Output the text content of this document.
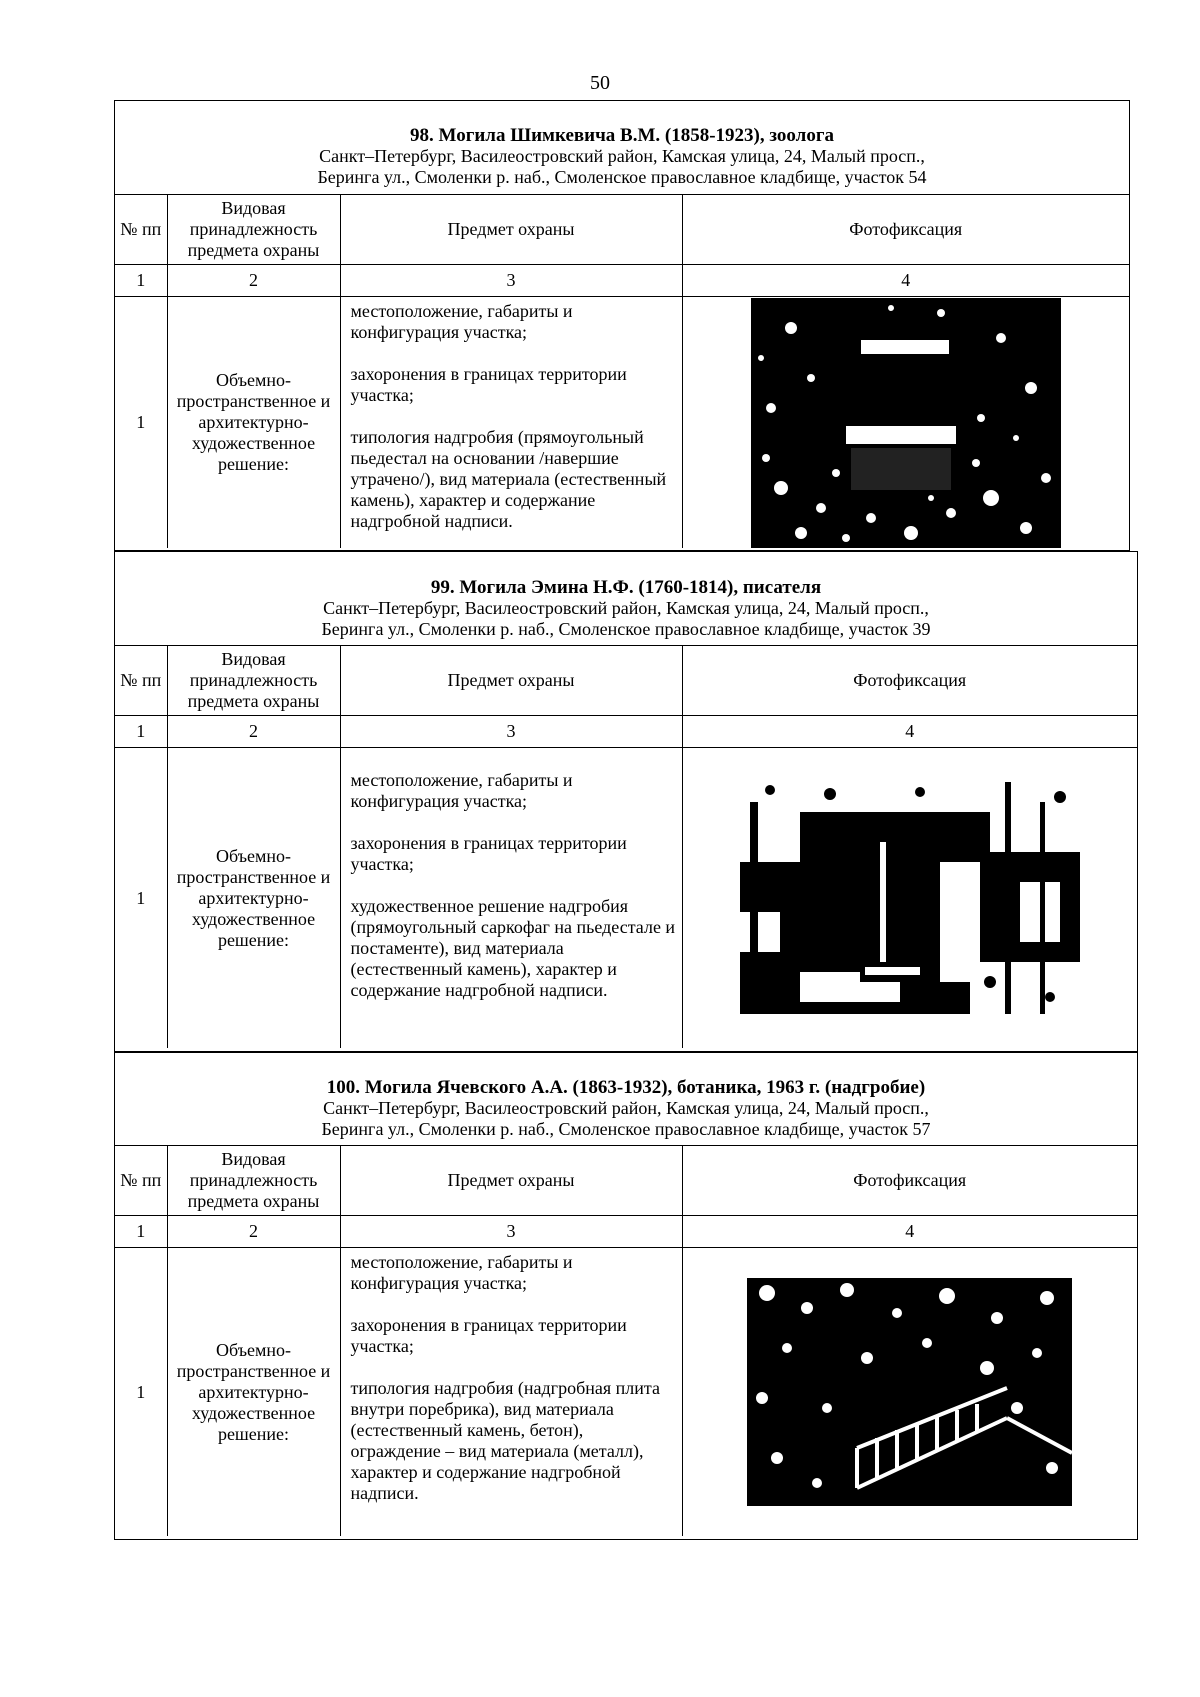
50
98. Могила Шимкевича В.М. (1858-1923), зоолога
Санкт–Петербург, Василеостровский район, Камская улица, 24, Малый просп.,
Беринга ул., Смоленки р. наб., Смоленское православное кладбище, участок 54
№ пп	Видовая принадлежность предмета охраны	Предмет охраны	Фотофиксация
1	2	3	4
1	Объемно-пространственное и архитектурно-художественное решение:	местоположение, габариты и конфигурация участка;

захоронения в границах территории участка;

типология надгробия (прямоугольный пьедестал на основании /навершие утрачено/), вид материала (естественный камень), характер и содержание надгробной надписи.

99. Могила Эмина Н.Ф. (1760-1814), писателя
Санкт–Петербург, Василеостровский район, Камская улица, 24, Малый просп.,
Беринга ул., Смоленки р. наб., Смоленское православное кладбище, участок 39
№ пп	Видовая принадлежность предмета охраны	Предмет охраны	Фотофиксация
1	2	3	4
1	Объемно-пространственное и архитектурно-художественное решение:	местоположение, габариты и конфигурация участка;

захоронения в границах территории участка;

художественное решение надгробия (прямоугольный саркофаг на пьедестале и постаменте), вид материала (естественный камень), характер и содержание надгробной надписи.

100. Могила Ячевского А.А. (1863-1932), ботаника, 1963 г. (надгробие)
Санкт–Петербург, Василеостровский район, Камская улица, 24, Малый просп.,
Беринга ул., Смоленки р. наб., Смоленское православное кладбище, участок 57
№ пп	Видовая принадлежность предмета охраны	Предмет охраны	Фотофиксация
1	2	3	4
1	Объемно-пространственное и архитектурно-художественное решение:	местоположение, габариты и конфигурация участка;

захоронения в границах территории участка;

типология надгробия (надгробная плита внутри поребрика), вид материала (естественный камень, бетон), ограждение – вид материала (металл), характер и содержание надгробной надписи.
